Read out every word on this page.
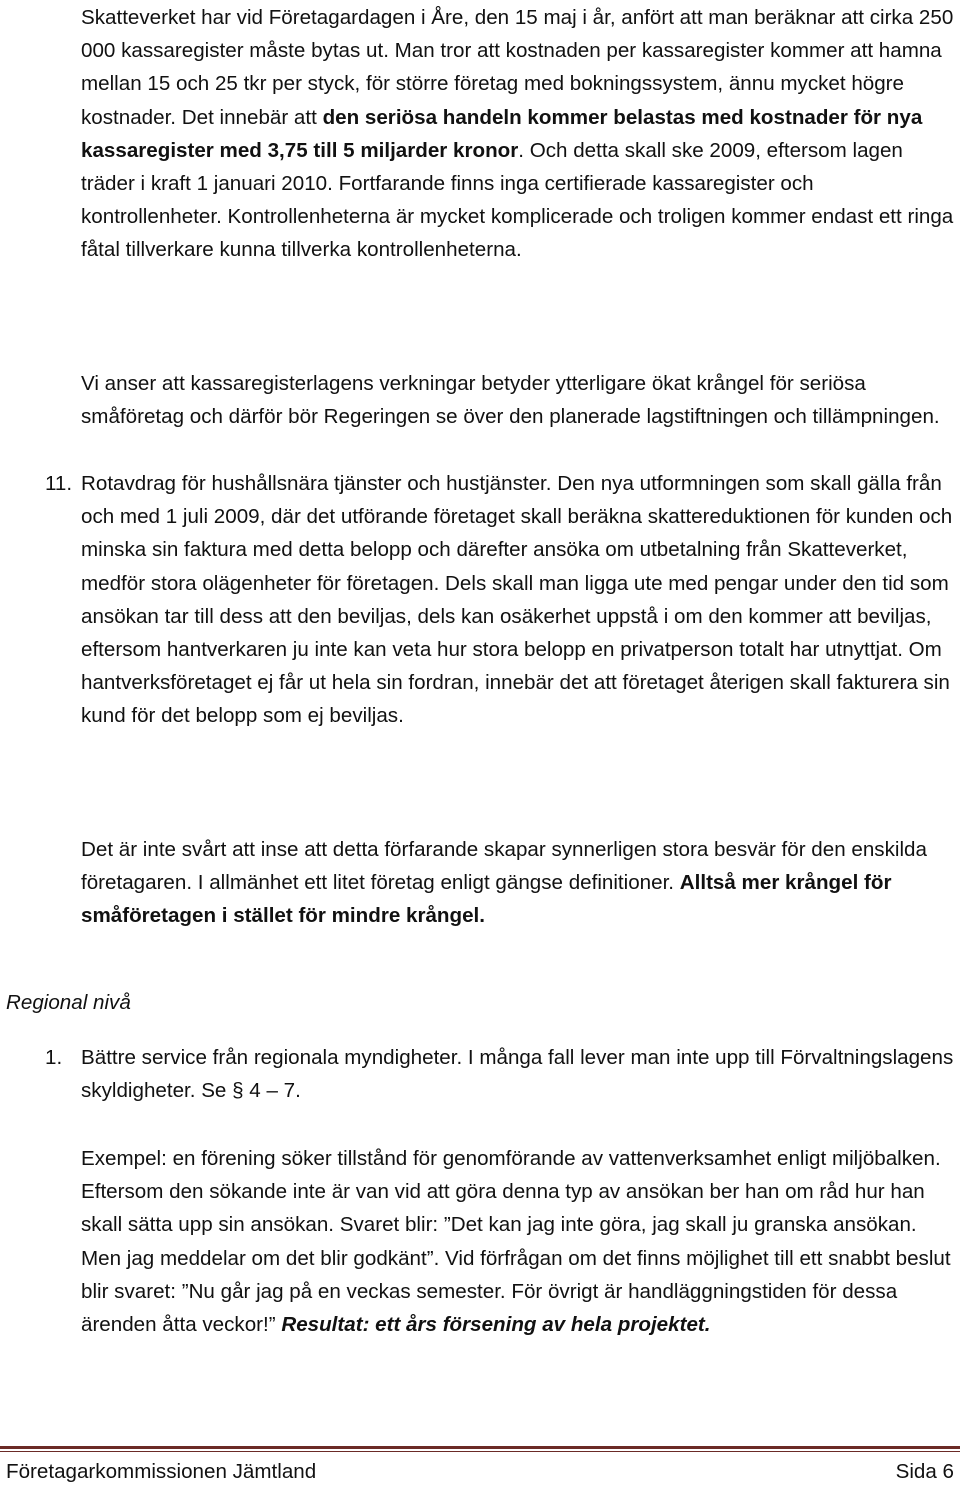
Skatteverket har vid Företagardagen i Åre, den 15 maj i år, anfört att man beräknar att cirka 250 000 kassaregister måste bytas ut. Man tror att kostnaden per kassaregister kommer att hamna mellan 15 och 25 tkr per styck, för större företag med bokningssystem, ännu mycket högre kostnader. Det innebär att den seriösa handeln kommer belastas med kostnader för nya kassaregister med 3,75 till 5 miljarder kronor. Och detta skall ske 2009, eftersom lagen träder i kraft 1 januari 2010. Fortfarande finns inga certifierade kassaregister och kontrollenheter. Kontrollenheterna är mycket komplicerade och troligen kommer endast ett ringa fåtal tillverkare kunna tillverka kontrollenheterna.

Vi anser att kassaregisterlagens verkningar betyder ytterligare ökat krångel för seriösa småföretag och därför bör Regeringen se över den planerade lagstiftningen och tillämpningen.

11. Rotavdrag för hushållsnära tjänster och hustjänster. Den nya utformningen som skall gälla från och med 1 juli 2009, där det utförande företaget skall beräkna skattereduktionen för kunden och minska sin faktura med detta belopp och därefter ansöka om utbetalning från Skatteverket, medför stora olägenheter för företagen. Dels skall man ligga ute med pengar under den tid som ansökan tar till dess att den beviljas, dels kan osäkerhet uppstå i om den kommer att beviljas, eftersom hantverkaren ju inte kan veta hur stora belopp en privatperson totalt har utnyttjat. Om hantverksföretaget ej får ut hela sin fordran, innebär det att företaget återigen skall fakturera sin kund för det belopp som ej beviljas.

Det är inte svårt att inse att detta förfarande skapar synnerligen stora besvär för den enskilda företagaren. I allmänhet ett litet företag enligt gängse definitioner. Alltså mer krångel för småföretagen i stället för mindre krångel.

Regional nivå
1. Bättre service från regionala myndigheter. I många fall lever man inte upp till Förvaltningslagens skyldigheter. Se § 4 – 7.

Exempel: en förening söker tillstånd för genomförande av vattenverksamhet enligt miljöbalken. Eftersom den sökande inte är van vid att göra denna typ av ansökan ber han om råd hur han skall sätta upp sin ansökan. Svaret blir: ”Det kan jag inte göra, jag skall ju granska ansökan. Men jag meddelar om det blir godkänt”. Vid förfrågan om det finns möjlighet till ett snabbt beslut blir svaret: ”Nu går jag på en veckas semester. För övrigt är handläggningstiden för dessa ärenden åtta veckor!” Resultat: ett års försening av hela projektet.

Företagarkommissionen Jämtland	Sida 6
